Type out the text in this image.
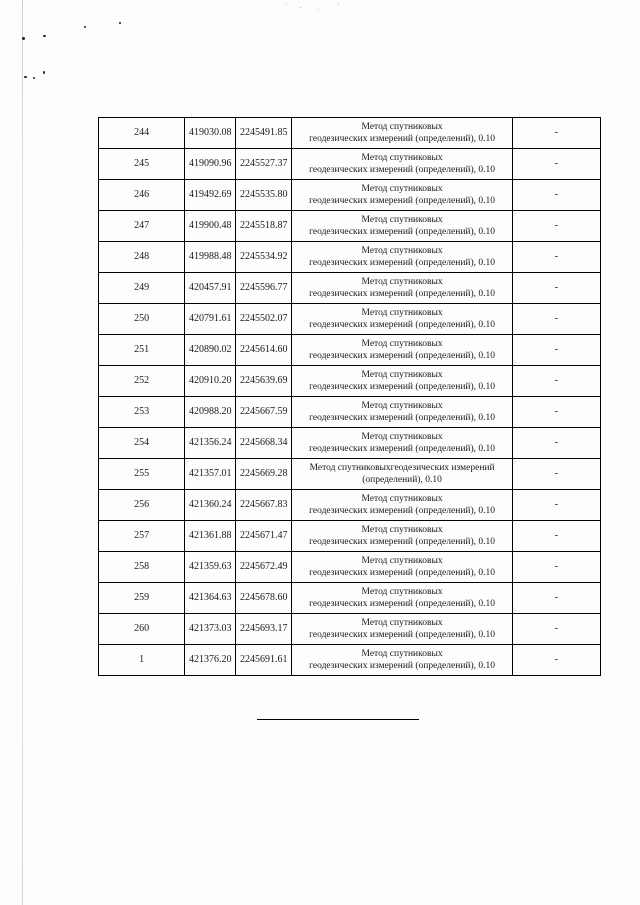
244	419030.08	2245491.85	Метод спутниковых
геодезических измерений (определений), 0.10	-
245	419090.96	2245527.37	Метод спутниковых
геодезических измерений (определений), 0.10	-
246	419492.69	2245535.80	Метод спутниковых
геодезических измерений (определений), 0.10	-
247	419900.48	2245518.87	Метод спутниковых
геодезических измерений (определений), 0.10	-
248	419988.48	2245534.92	Метод спутниковых
геодезических измерений (определений), 0.10	-
249	420457.91	2245596.77	Метод спутниковых
геодезических измерений (определений), 0.10	-
250	420791.61	2245502.07	Метод спутниковых
геодезических измерений (определений), 0.10	-
251	420890.02	2245614.60	Метод спутниковых
геодезических измерений (определений), 0.10	-
252	420910.20	2245639.69	Метод спутниковых
геодезических измерений (определений), 0.10	-
253	420988.20	2245667.59	Метод спутниковых
геодезических измерений (определений), 0.10	-
254	421356.24	2245668.34	Метод спутниковых
геодезических измерений (определений), 0.10	-
255	421357.01	2245669.28	Метод спутниковыхгеодезических измерений
(определений), 0.10	-
256	421360.24	2245667.83	Метод спутниковых
геодезических измерений (определений), 0.10	-
257	421361.88	2245671.47	Метод спутниковых
геодезических измерений (определений), 0.10	-
258	421359.63	2245672.49	Метод спутниковых
геодезических измерений (определений), 0.10	-
259	421364.63	2245678.60	Метод спутниковых
геодезических измерений (определений), 0.10	-
260	421373.03	2245693.17	Метод спутниковых
геодезических измерений (определений), 0.10	-
1	421376.20	2245691.61	Метод спутниковых
геодезических измерений (определений), 0.10	-
